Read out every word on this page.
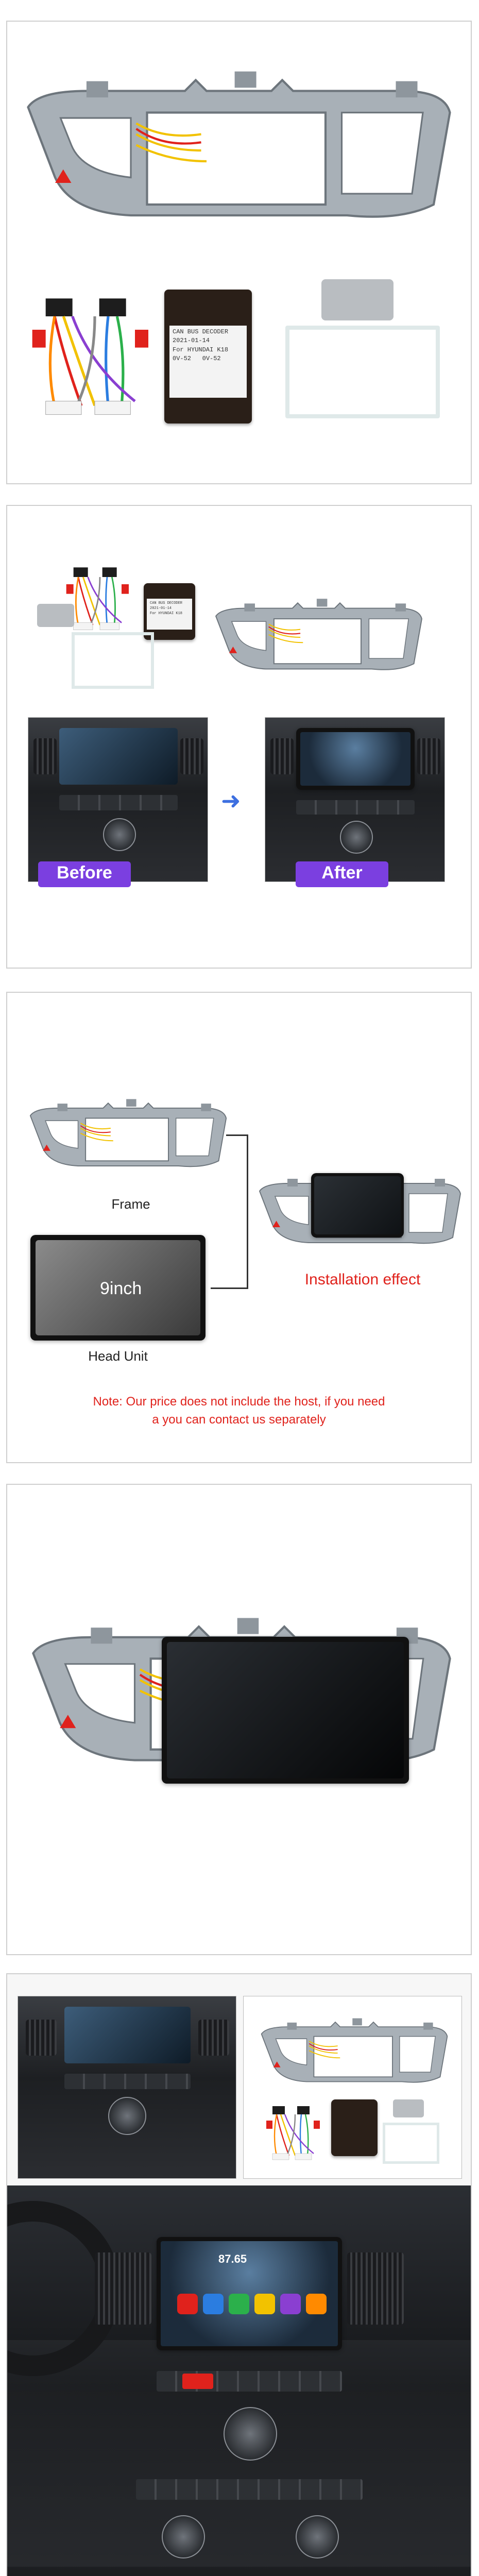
CAN BUS DECODER
2021-01-14
For HYUNDAI K18
0V-52 0V-52
CAN BUS DECODER
2021-01-14
For HYUNDAI K18
Before
➜
After
Frame
9inch
Head Unit
Installation effect
Note: Our price does not include the host, if you need
a you can contact us separately
87.65
